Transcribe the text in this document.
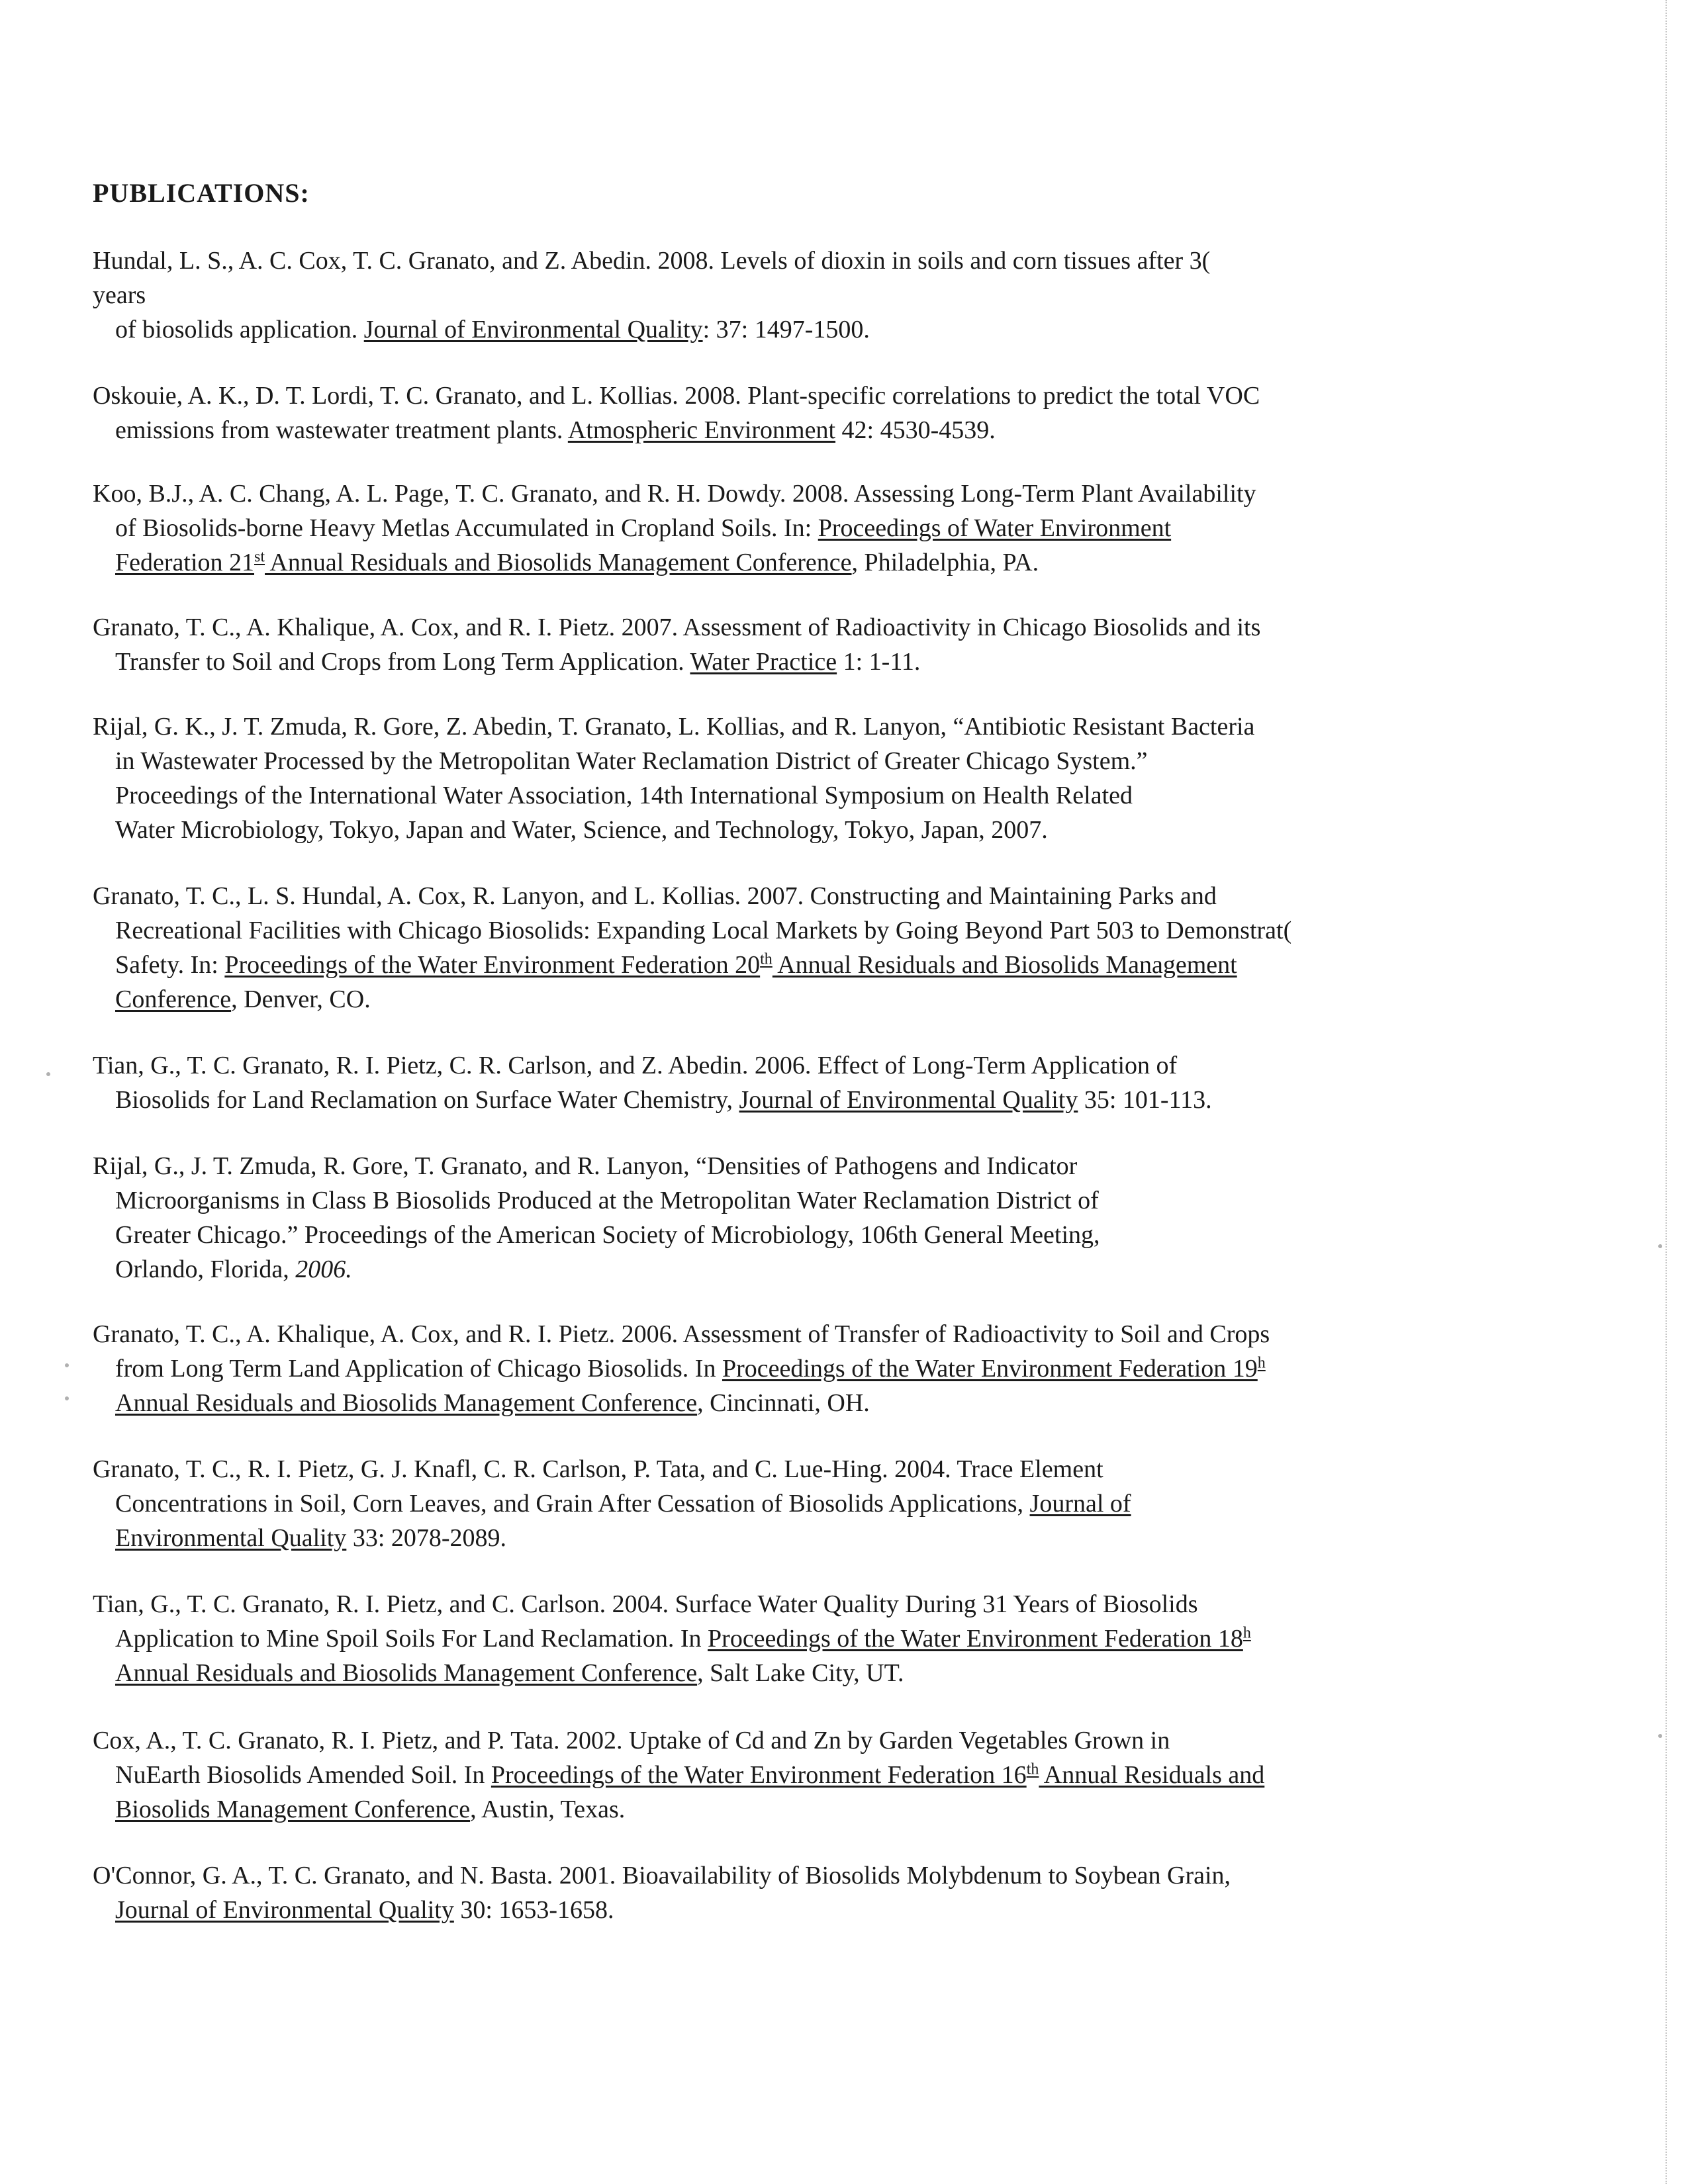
PUBLICATIONS:
Hundal, L. S., A. C. Cox, T. C. Granato, and Z. Abedin. 2008. Levels of dioxin in soils and corn tissues after 3(
years
of biosolids application. Journal of Environmental Quality: 37: 1497-1500.
Oskouie, A. K., D. T. Lordi, T. C. Granato, and L. Kollias. 2008. Plant-specific correlations to predict the total VOC
emissions from wastewater treatment plants. Atmospheric Environment 42: 4530-4539.
Koo, B.J., A. C. Chang, A. L. Page, T. C. Granato, and R. H. Dowdy. 2008. Assessing Long-Term Plant Availability
of Biosolids-borne Heavy Metlas Accumulated in Cropland Soils. In: Proceedings of Water Environment
Federation 21st Annual Residuals and Biosolids Management Conference, Philadelphia, PA.
Granato, T. C., A. Khalique, A. Cox, and R. I. Pietz. 2007. Assessment of Radioactivity in Chicago Biosolids and its
Transfer to Soil and Crops from Long Term Application. Water Practice 1: 1-11.
Rijal, G. K., J. T. Zmuda, R. Gore, Z. Abedin, T. Granato, L. Kollias, and R. Lanyon, “Antibiotic Resistant Bacteria
in Wastewater Processed by the Metropolitan Water Reclamation District of Greater Chicago System.”
Proceedings of the International Water Association, 14th International Symposium on Health Related
Water Microbiology, Tokyo, Japan and Water, Science, and Technology, Tokyo, Japan, 2007.
Granato, T. C., L. S. Hundal, A. Cox, R. Lanyon, and L. Kollias. 2007. Constructing and Maintaining Parks and
Recreational Facilities with Chicago Biosolids: Expanding Local Markets by Going Beyond Part 503 to Demonstrat(
Safety. In: Proceedings of the Water Environment Federation 20th Annual Residuals and Biosolids Management
Conference, Denver, CO.
Tian, G., T. C. Granato, R. I. Pietz, C. R. Carlson, and Z. Abedin. 2006. Effect of Long-Term Application of
Biosolids for Land Reclamation on Surface Water Chemistry, Journal of Environmental Quality 35: 101-113.
Rijal, G., J. T. Zmuda, R. Gore, T. Granato, and R. Lanyon, “Densities of Pathogens and Indicator
Microorganisms in Class B Biosolids Produced at the Metropolitan Water Reclamation District of
Greater Chicago.” Proceedings of the American Society of Microbiology, 106th General Meeting,
Orlando, Florida, 2006.
Granato, T. C., A. Khalique, A. Cox, and R. I. Pietz. 2006. Assessment of Transfer of Radioactivity to Soil and Crops
from Long Term Land Application of Chicago Biosolids. In Proceedings of the Water Environment Federation 19$^h$
Annual Residuals and Biosolids Management Conference, Cincinnati, OH.
Granato, T. C., R. I. Pietz, G. J. Knafl, C. R. Carlson, P. Tata, and C. Lue-Hing. 2004. Trace Element
Concentrations in Soil, Corn Leaves, and Grain After Cessation of Biosolids Applications, Journal of
Environmental Quality 33: 2078-2089.
Tian, G., T. C. Granato, R. I. Pietz, and C. Carlson. 2004. Surface Water Quality During 31 Years of Biosolids
Application to Mine Spoil Soils For Land Reclamation. In Proceedings of the Water Environment Federation 18$^h$
Annual Residuals and Biosolids Management Conference, Salt Lake City, UT.
Cox, A., T. C. Granato, R. I. Pietz, and P. Tata. 2002. Uptake of Cd and Zn by Garden Vegetables Grown in
NuEarth Biosolids Amended Soil. In Proceedings of the Water Environment Federation 16th Annual Residuals and
Biosolids Management Conference, Austin, Texas.
O'Connor, G. A., T. C. Granato, and N. Basta. 2001. Bioavailability of Biosolids Molybdenum to Soybean Grain,
Journal of Environmental Quality 30: 1653-1658.
